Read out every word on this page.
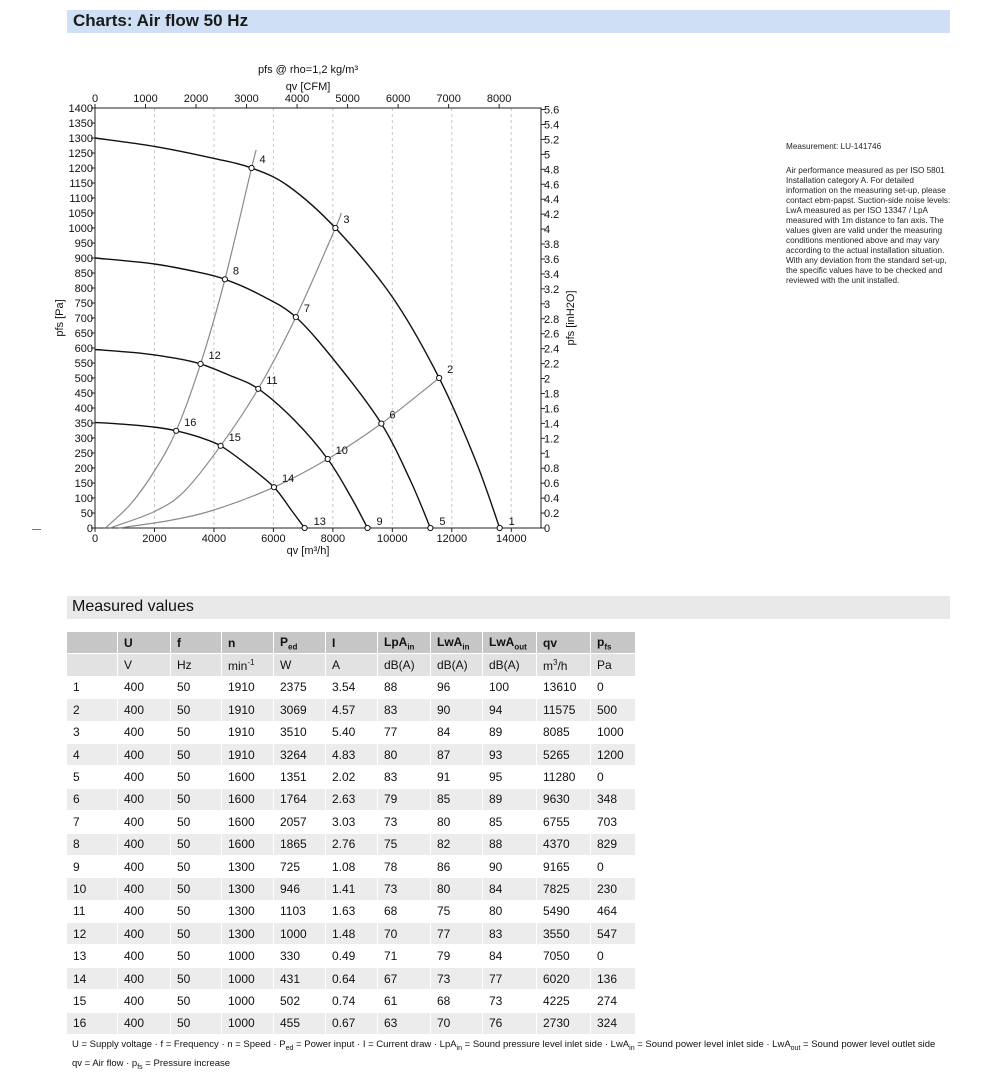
Charts: Air flow 50 Hz
0	2000	4000	6000	8000	10000	12000	14000
0	1000 2000 3000 4000 5000 6000 7000 8000
0
50
100
150
200
250
300
350
400
450
500
550
600
650
700
750
800
850
900
950
1000
1050
1100
1150
1200
1250
1300
1350
1400
0
0.2
0.4
0.6
0.8
1
1.2
1.4
1.6
1.8
2
2.2
2.4
2.6
2.8
3
3.2
3.4
3.6
3.8
4
4.2
4.4
4.6
4.8
5
5.2
5.4
5.6
pfs @ rho=1,2 kg/m³
qv [CFM]
qv [m³/h]
pfs [Pa]	pfs [inH2O]
1
2
3
4
5
6
7
8
9
10
11
12
13
14
15
16
Measurement: LU-141746
Air performance measured as per ISO 5801 Installation category A. For detailed information on the measuring set-up, please contact ebm-papst. Suction-side noise levels: LwA measured as per ISO 13347 / LpA measured with 1m distance to fan axis. The values given are valid under the measuring conditions mentioned above and may vary according to the actual installation situation. With any deviation from the standard set-up, the specific values have to be checked and reviewed with the unit installed.
Measured values
	U	f	n	$P_{ed}$	I	LpA$_{in}$	LwA$_{in}$	LwA$_{out}$	qv	$p_{fs}$
	V	Hz	$\min^{-1}$	W	A	dB(A)	dB(A)	dB(A)	$m^3/h$	Pa
1	400	50	1910	2375	3.54	88	96	100	13610	0
2	400	50	1910	3069	4.57	83	90	94	11575	500
3	400	50	1910	3510	5.40	77	84	89	8085	1000
4	400	50	1910	3264	4.83	80	87	93	5265	1200
5	400	50	1600	1351	2.02	83	91	95	11280	0
6	400	50	1600	1764	2.63	79	85	89	9630	348
7	400	50	1600	2057	3.03	73	80	85	6755	703
8	400	50	1600	1865	2.76	75	82	88	4370	829
9	400	50	1300	725	1.08	78	86	90	9165	0
10	400	50	1300	946	1.41	73	80	84	7825	230
11	400	50	1300	1103	1.63	68	75	80	5490	464
12	400	50	1300	1000	1.48	70	77	83	3550	547
13	400	50	1000	330	0.49	71	79	84	7050	0
14	400	50	1000	431	0.64	67	73	77	6020	136
15	400	50	1000	502	0.74	61	68	73	4225	274
16	400	50	1000	455	0.67	63	70	76	2730	324
U = Supply voltage · f = Frequency · n = Speed · $P_{ed}$ = Power input · I = Current draw · LpA$_{in}$ = Sound pressure level inlet side · LwA$_{in}$ = Sound power level inlet side · LwA$_{out}$ = Sound power level outlet side
qv = Air flow · $p_{fs}$ = Pressure increase
